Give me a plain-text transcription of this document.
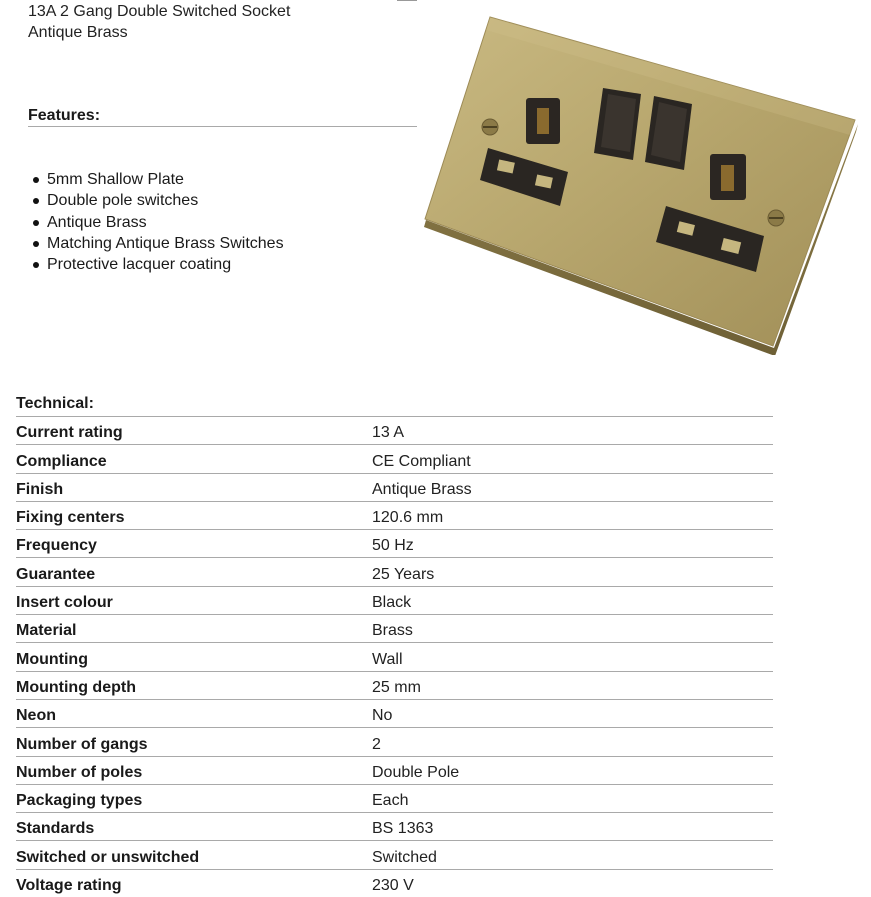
13A 2 Gang Double Switched Socket
Antique Brass
Features:
5mm Shallow Plate
Double pole switches
Antique Brass
Matching Antique Brass Switches
Protective lacquer coating
Technical:
Current rating	13 A
Compliance	CE Compliant
Finish	Antique Brass
Fixing centers	120.6 mm
Frequency	50 Hz
Guarantee	25 Years
Insert colour	Black
Material	Brass
Mounting	Wall
Mounting depth	25 mm
Neon	No
Number of gangs	2
Number of poles	Double Pole
Packaging types	Each
Standards	BS 1363
Switched or unswitched	Switched
Voltage rating	230 V
